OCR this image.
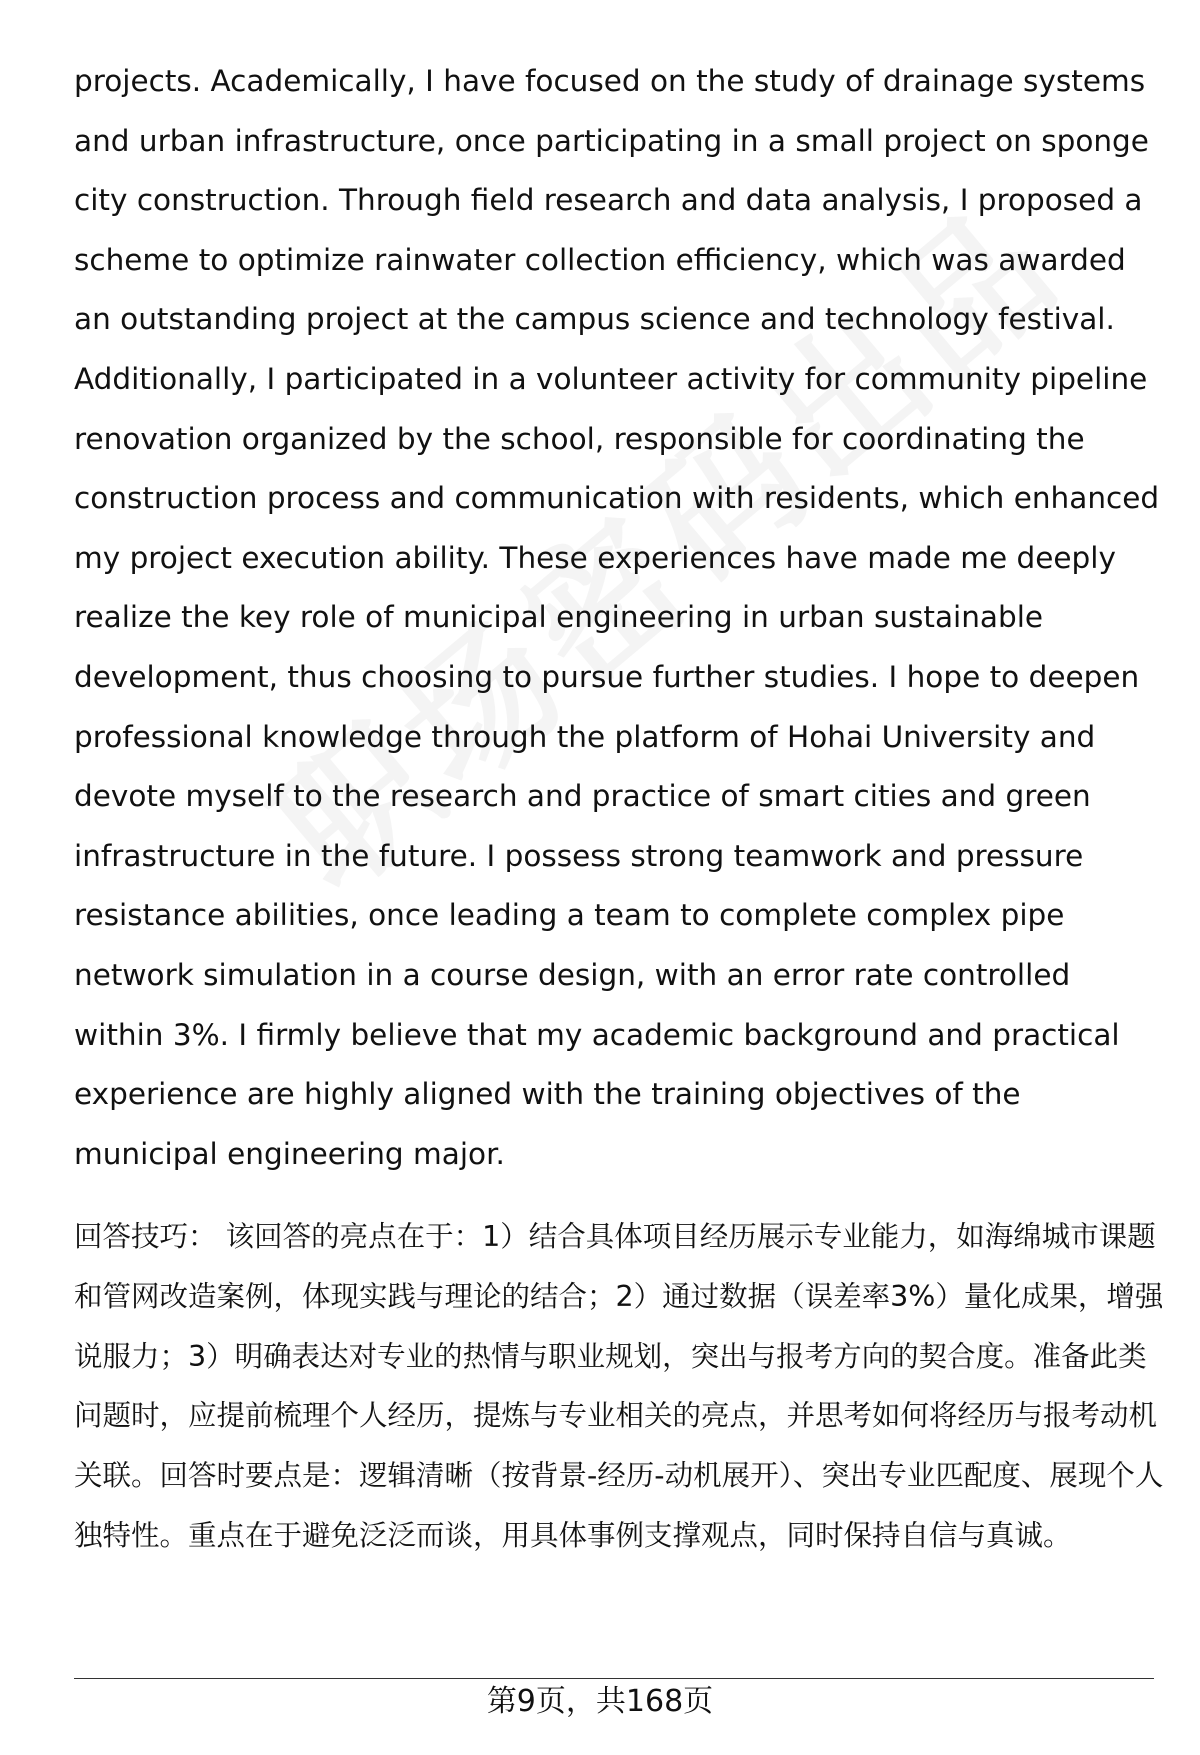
projects. Academically, I have focused on the study of drainage systems and urban infrastructure, once participating in a small project on sponge city construction. Through field research and data analysis, I proposed a scheme to optimize rainwater collection efficiency, which was awarded an outstanding project at the campus science and technology festival. Additionally, I participated in a volunteer activity for community pipeline renovation organized by the school, responsible for coordinating the construction process and communication with residents, which enhanced my project execution ability. These experiences have made me deeply realize the key role of municipal engineering in urban sustainable development, thus choosing to pursue further studies. I hope to deepen professional knowledge through the platform of Hohai University and devote myself to the research and practice of smart cities and green infrastructure in the future. I possess strong teamwork and pressure resistance abilities, once leading a team to complete complex pipe network simulation in a course design, with an error rate controlled within 3%. I firmly believe that my academic background and practical experience are highly aligned with the training objectives of the municipal engineering major.

回答技巧： 该回答的亮点在于：1）结合具体项目经历展示专业能力，如海绵城市课题和管网改造案例，体现实践与理论的结合；2）通过数据（误差率3%）量化成果，增强说服力；3）明确表达对专业的热情与职业规划，突出与报考方向的契合度。准备此类问题时，应提前梳理个人经历，提炼与专业相关的亮点，并思考如何将经历与报考动机关联。回答时要点是：逻辑清晰（按背景-经历-动机展开）、突出专业匹配度、展现个人独特性。重点在于避免泛泛而谈，用具体事例支撑观点，同时保持自信与真诚。

第9页，共168页
